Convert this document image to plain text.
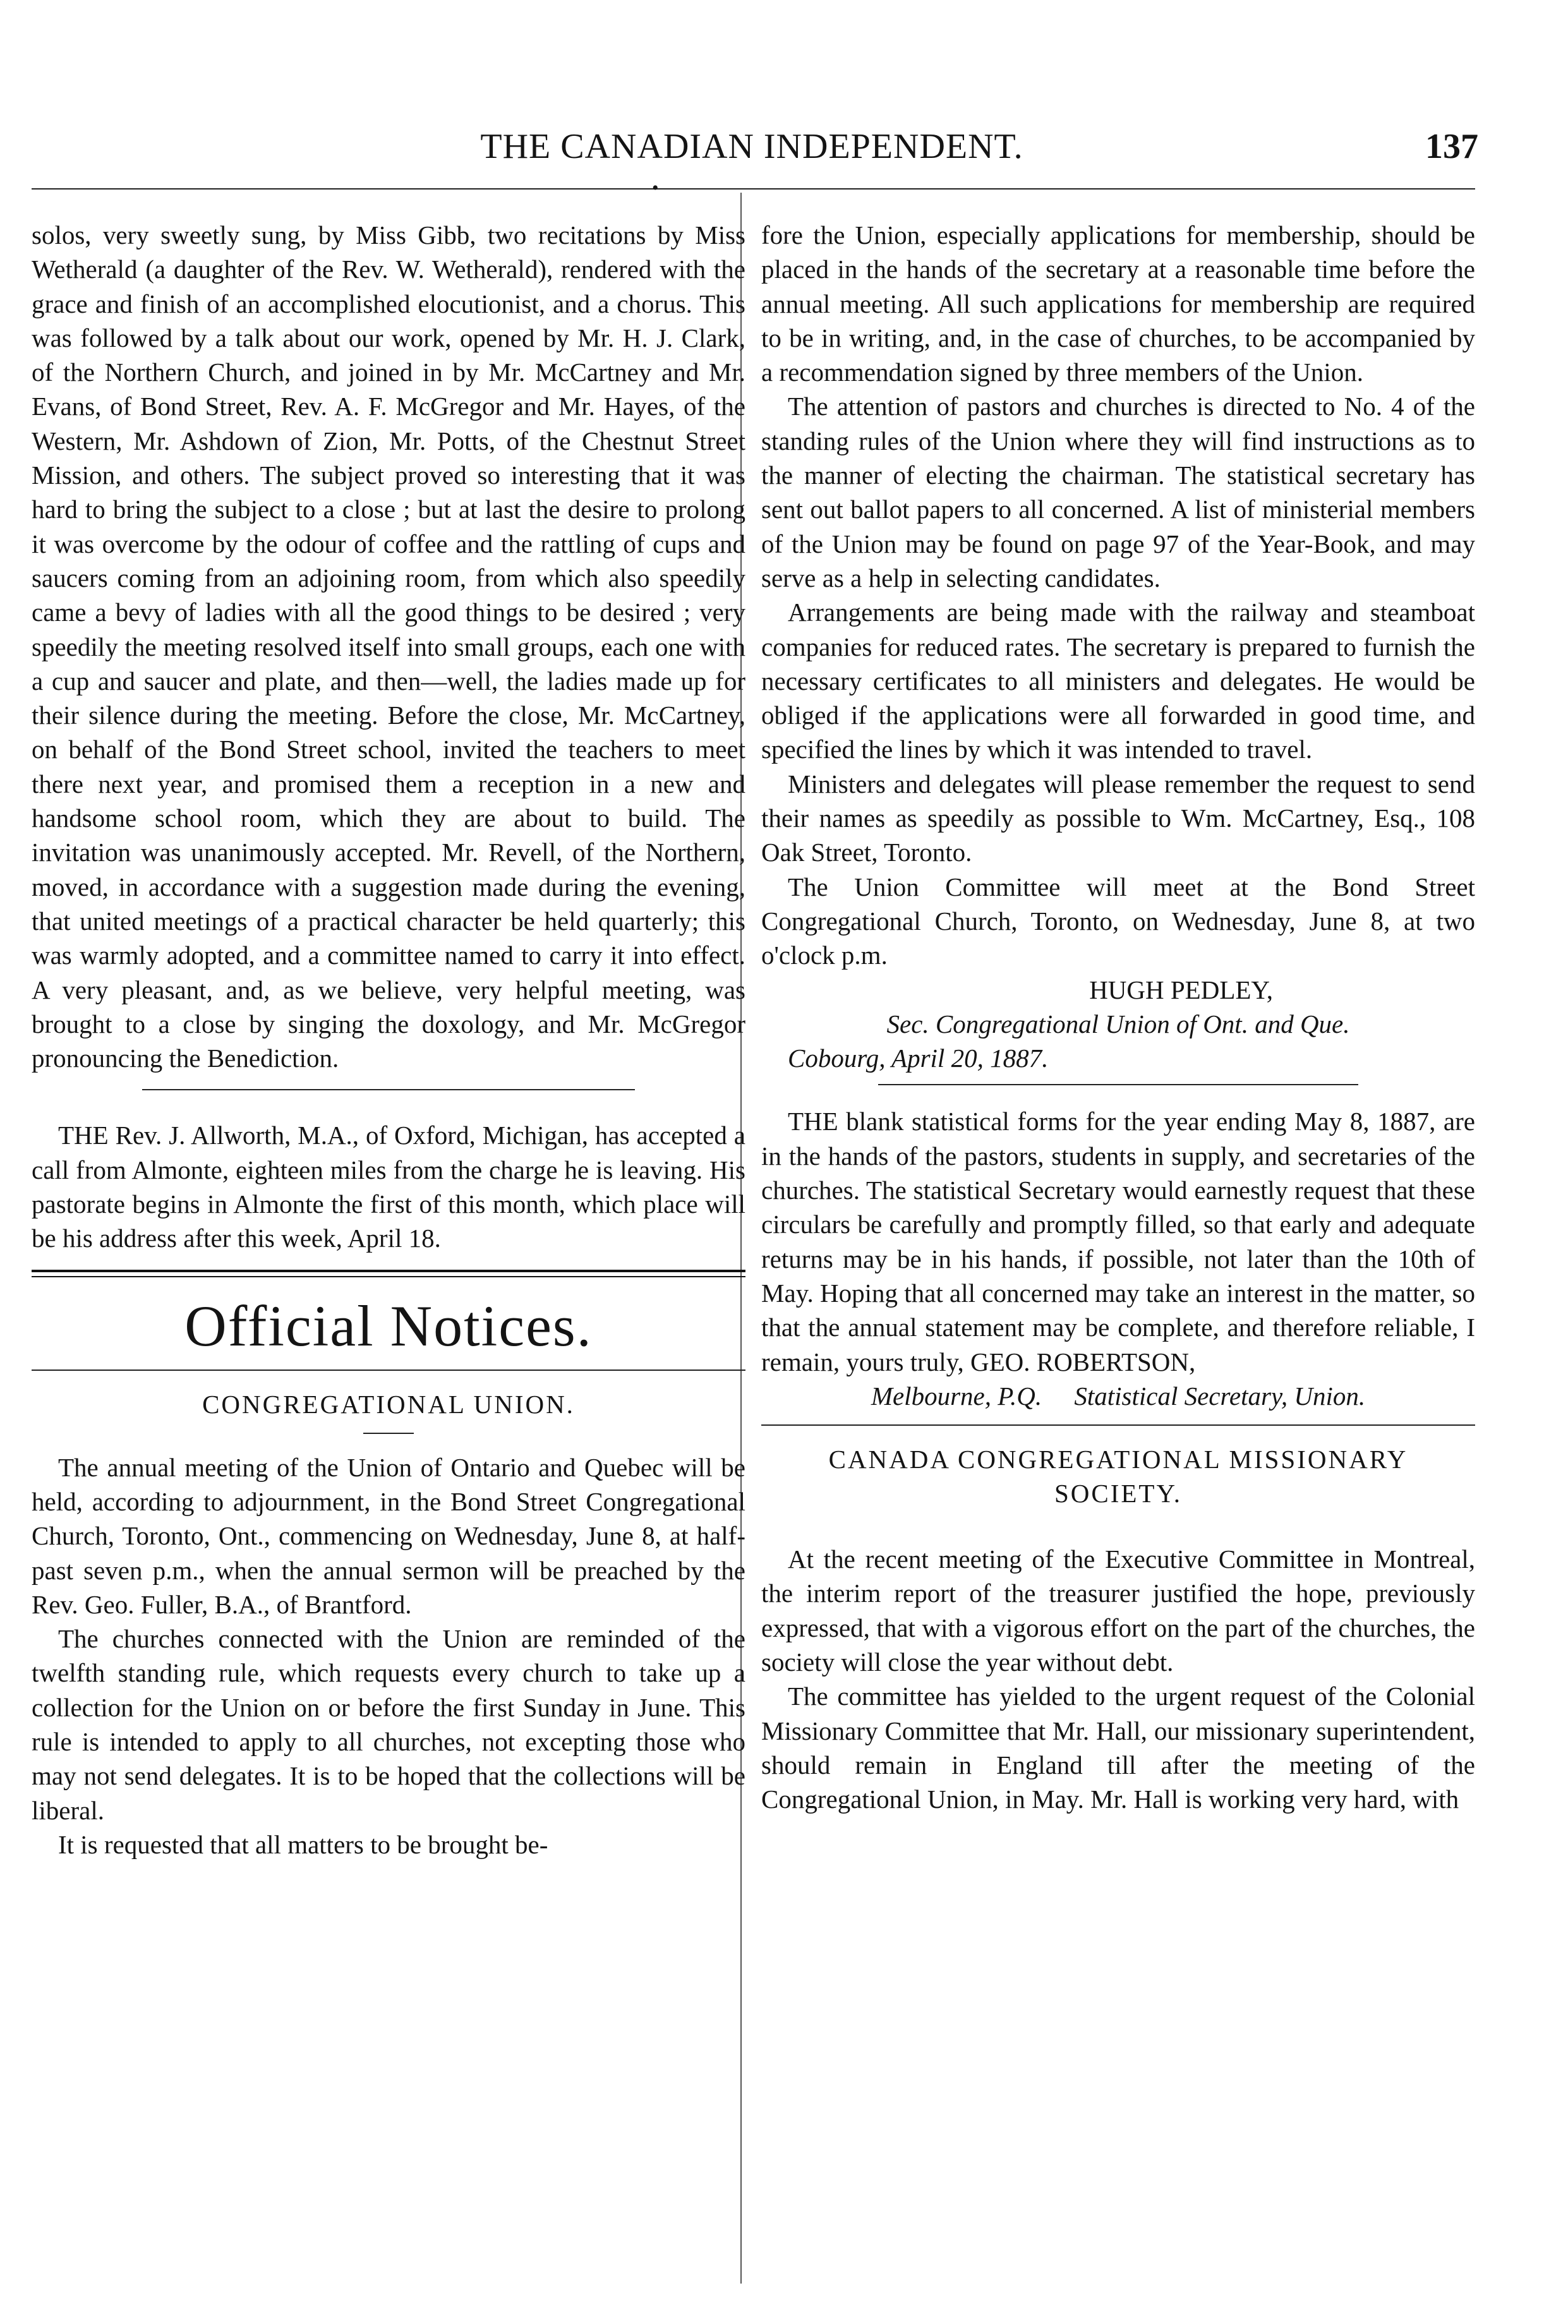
THE CANADIAN INDEPENDENT.	137
•

solos, very sweetly sung, by Miss Gibb, two recitations by Miss Wetherald (a daughter of the Rev. W. Wetherald), rendered with the grace and finish of an accomplished elocutionist, and a chorus. This was followed by a talk about our work, opened by Mr. H. J. Clark, of the Northern Church, and joined in by Mr. McCartney and Mr. Evans, of Bond Street, Rev. A. F. McGregor and Mr. Hayes, of the Western, Mr. Ashdown of Zion, Mr. Potts, of the Chestnut Street Mission, and others. The subject proved so interesting that it was hard to bring the subject to a close ; but at last the desire to prolong it was overcome by the odour of coffee and the rattling of cups and saucers coming from an adjoining room, from which also speedily came a bevy of ladies with all the good things to be desired ; very speedily the meeting resolved itself into small groups, each one with a cup and saucer and plate, and then—well, the ladies made up for their silence during the meeting. Before the close, Mr. McCartney, on behalf of the Bond Street school, invited the teachers to meet there next year, and promised them a reception in a new and handsome school room, which they are about to build. The invitation was unanimously accepted. Mr. Revell, of the Northern, moved, in accordance with a suggestion made during the evening, that united meetings of a practical character be held quarterly; this was warmly adopted, and a committee named to carry it into effect. A very pleasant, and, as we believe, very helpful meeting, was brought to a close by singing the doxology, and Mr. McGregor pronouncing the Benediction.

THE Rev. J. Allworth, M.A., of Oxford, Michigan, has accepted a call from Almonte, eighteen miles from the charge he is leaving. His pastorate begins in Almonte the first of this month, which place will be his address after this week, April 18.

Official Notices.
CONGREGATIONAL UNION.

The annual meeting of the Union of Ontario and Quebec will be held, according to adjournment, in the Bond Street Congregational Church, Toronto, Ont., commencing on Wednesday, June 8, at half-past seven p.m., when the annual sermon will be preached by the Rev. Geo. Fuller, B.A., of Brantford.

The churches connected with the Union are reminded of the twelfth standing rule, which requests every church to take up a collection for the Union on or before the first Sunday in June. This rule is intended to apply to all churches, not excepting those who may not send delegates. It is to be hoped that the collections will be liberal.

It is requested that all matters to be brought be-

fore the Union, especially applications for membership, should be placed in the hands of the secretary at a reasonable time before the annual meeting. All such applications for membership are required to be in writing, and, in the case of churches, to be accompanied by a recommendation signed by three members of the Union.

The attention of pastors and churches is directed to No. 4 of the standing rules of the Union where they will find instructions as to the manner of electing the chairman. The statistical secretary has sent out ballot papers to all concerned. A list of ministerial members of the Union may be found on page 97 of the Year-Book, and may serve as a help in selecting candidates.

Arrangements are being made with the railway and steamboat companies for reduced rates. The secretary is prepared to furnish the necessary certificates to all ministers and delegates. He would be obliged if the applications were all forwarded in good time, and specified the lines by which it was intended to travel.

Ministers and delegates will please remember the request to send their names as speedily as possible to Wm. McCartney, Esq., 108 Oak Street, Toronto.

The Union Committee will meet at the Bond Street Congregational Church, Toronto, on Wednesday, June 8, at two o'clock p.m.

HUGH PEDLEY,
Sec. Congregational Union of Ont. and Que.
Cobourg, April 20, 1887.

THE blank statistical forms for the year ending May 8, 1887, are in the hands of the pastors, students in supply, and secretaries of the churches. The statistical Secretary would earnestly request that these circulars be carefully and promptly filled, so that early and adequate returns may be in his hands, if possible, not later than the 10th of May. Hoping that all concerned may take an interest in the matter, so that the annual statement may be complete, and therefore reliable, I remain, yours truly, GEO. ROBERTSON,

Melbourne, P.Q. Statistical Secretary, Union.
CANADA CONGREGATIONAL MISSIONARY SOCIETY.

At the recent meeting of the Executive Committee in Montreal, the interim report of the treasurer justified the hope, previously expressed, that with a vigorous effort on the part of the churches, the society will close the year without debt.

The committee has yielded to the urgent request of the Colonial Missionary Committee that Mr. Hall, our missionary superintendent, should remain in England till after the meeting of the Congregational Union, in May. Mr. Hall is working very hard, with
